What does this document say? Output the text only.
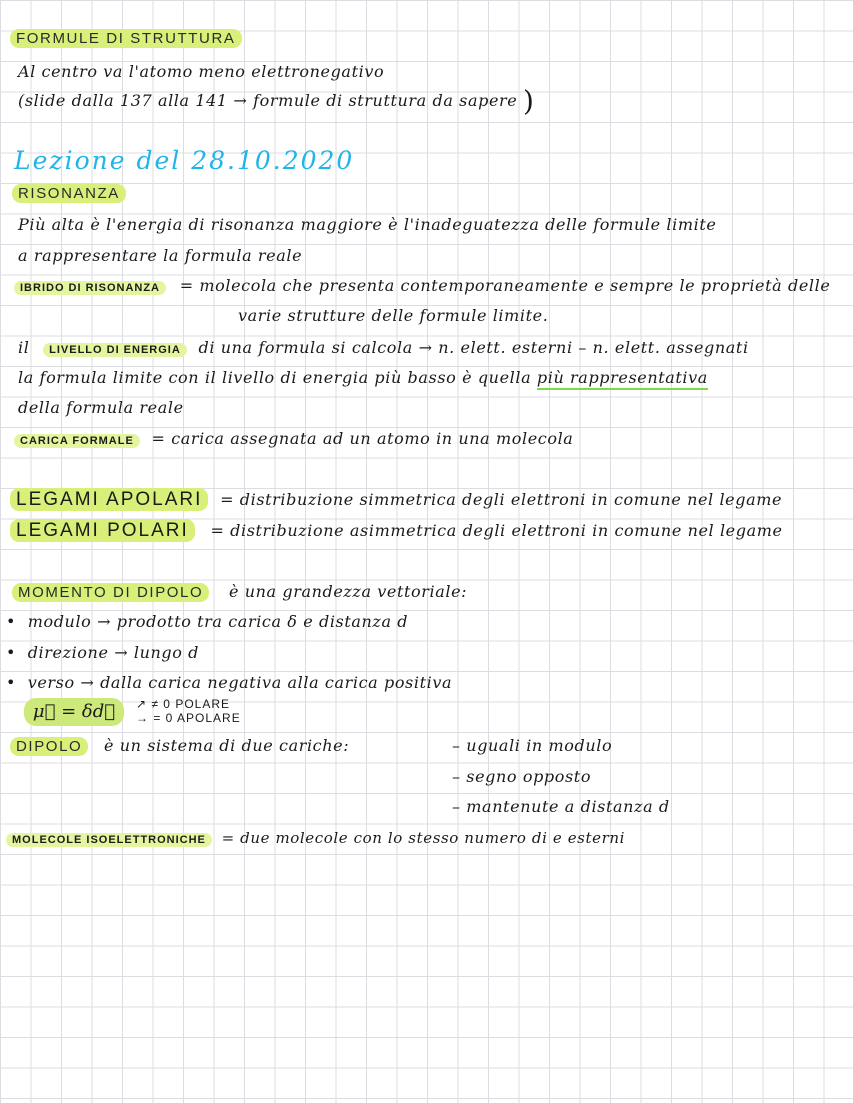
FORMULE DI STRUTTURA
Al centro va l'atomo meno elettronegativo
(slide dalla 137 alla 141 → formule di struttura da sapere )
Lezione del 28.10.2020
RISONANZA
Più alta è l'energia di risonanza maggiore è l'inadeguatezza delle formule limite
a rappresentare la formula reale
IBRIDO DI RISONANZA = molecola che presenta contemporaneamente e sempre le proprietà delle
varie strutture delle formule limite.
il LIVELLO DI ENERGIA di una formula si calcola → n. elett. esterni – n. elett. assegnati
la formula limite con il livello di energia più basso è quella più rappresentativa
della formula reale
CARICA FORMALE = carica assegnata ad un atomo in una molecola
LEGAMI APOLARI = distribuzione simmetrica degli elettroni in comune nel legame
LEGAMI POLARI = distribuzione asimmetrica degli elettroni in comune nel legame
MOMENTO DI DIPOLO è una grandezza vettoriale:
• modulo → prodotto tra carica δ e distanza d
• direzione → lungo d
• verso → dalla carica negativa alla carica positiva
μ⃗ = δd⃗	↗ ≠ 0 POLARE
→ = 0 APOLARE
DIPOLO è un sistema di due cariche:	– uguali in modulo
– segno opposto
– mantenute a distanza d
MOLECOLE ISOELETTRONICHE = due molecole con lo stesso numero di e esterni
